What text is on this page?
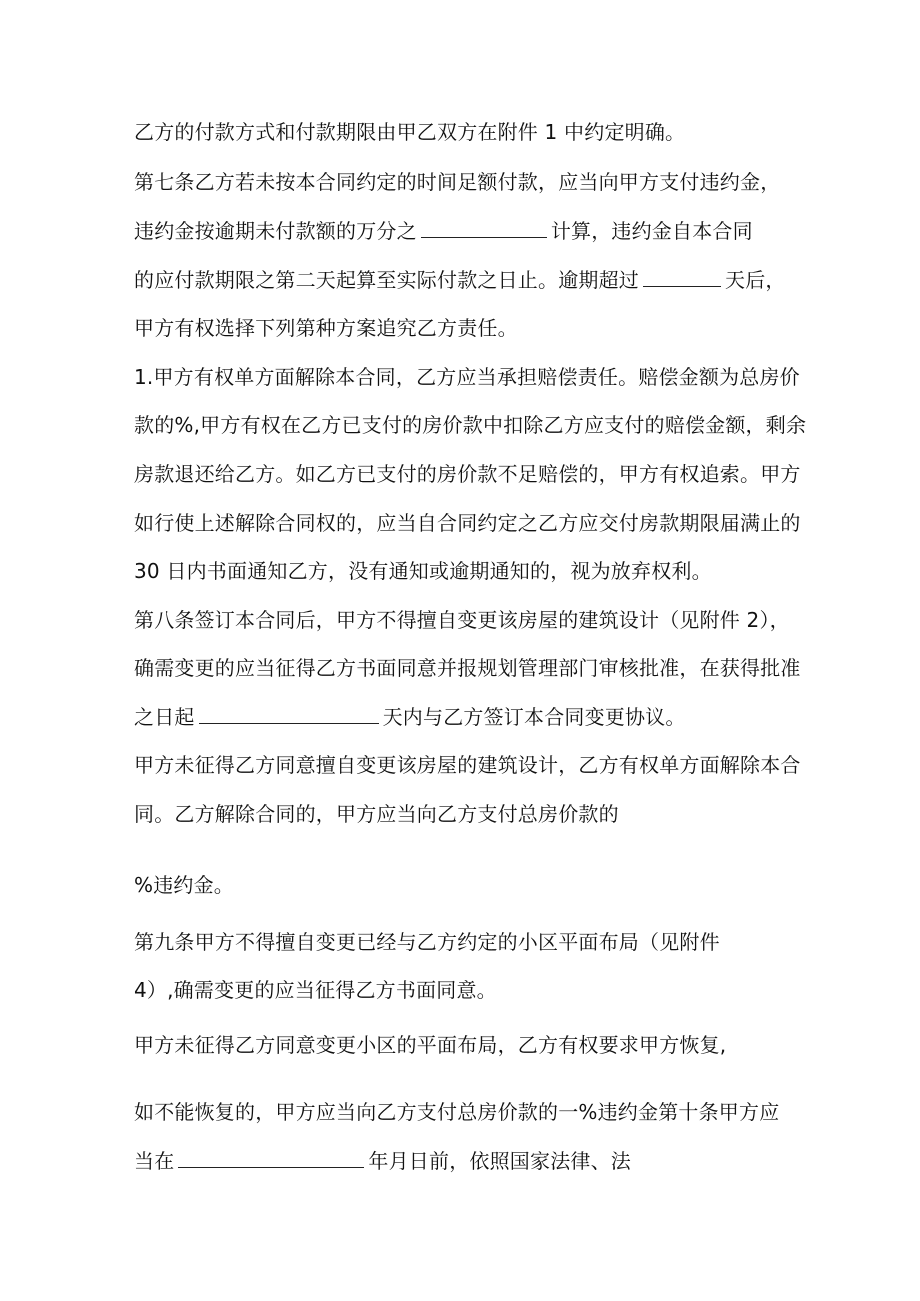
乙方的付款方式和付款期限由甲乙双方在附件 1 中约定明确。
第七条乙方若未按本合同约定的时间足额付款，应当向甲方支付违约金，
违约金按逾期未付款额的万分之	计算，违约金自本合同
的应付款期限之第二天起算至实际付款之日止。逾期超过	天后，
甲方有权选择下列第种方案追究乙方责任。
1.甲方有权单方面解除本合同，乙方应当承担赔偿责任。赔偿金额为总房价
款的%,甲方有权在乙方已支付的房价款中扣除乙方应支付的赔偿金额，剩余
房款退还给乙方。如乙方已支付的房价款不足赔偿的，甲方有权追索。甲方
如行使上述解除合同权的，应当自合同约定之乙方应交付房款期限届满止的
30 日内书面通知乙方，没有通知或逾期通知的，视为放弃权利。
第八条签订本合同后，甲方不得擅自变更该房屋的建筑设计（见附件 2），
确需变更的应当征得乙方书面同意并报规划管理部门审核批准，在获得批准
之日起	天内与乙方签订本合同变更协议。
甲方未征得乙方同意擅自变更该房屋的建筑设计，乙方有权单方面解除本合
同。乙方解除合同的，甲方应当向乙方支付总房价款的
%违约金。
第九条甲方不得擅自变更已经与乙方约定的小区平面布局（见附件
4）,确需变更的应当征得乙方书面同意。
甲方未征得乙方同意变更小区的平面布局，乙方有权要求甲方恢复,
如不能恢复的，甲方应当向乙方支付总房价款的一%违约金第十条甲方应
当在	年月日前，依照国家法律、法
